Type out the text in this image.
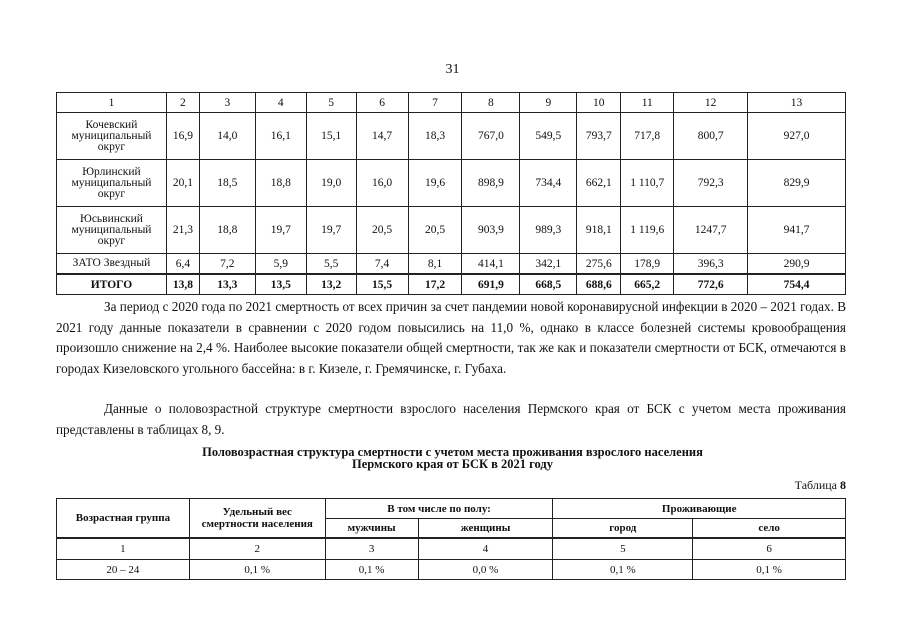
31
1	2	3	4	5	6	7	8	9	10	11	12	13
Кочевский
муниципальный
округ	16,9	14,0	16,1	15,1	14,7	18,3	767,0	549,5	793,7	717,8	800,7	927,0
Юрлинский
муниципальный
округ	20,1	18,5	18,8	19,0	16,0	19,6	898,9	734,4	662,1	1 110,7	792,3	829,9
Юсьвинский
муниципальный
округ	21,3	18,8	19,7	19,7	20,5	20,5	903,9	989,3	918,1	1 119,6	1247,7	941,7
ЗАТО Звездный	6,4	7,2	5,9	5,5	7,4	8,1	414,1	342,1	275,6	178,9	396,3	290,9
ИТОГО	13,8	13,3	13,5	13,2	15,5	17,2	691,9	668,5	688,6	665,2	772,6	754,4

За период с 2020 года по 2021 смертность от всех причин за счет пандемии новой коронавирусной инфекции в 2020 – 2021 годах. В 2021 году данные показатели в сравнении с 2020 годом повысились на 11,0 %, однако в классе болезней системы кровообращения произошло снижение на 2,4 %. Наиболее высокие показатели общей смертности, так же как и показатели смертности от БСК, отмечаются в городах Кизеловского угольного бассейна: в г. Кизеле, г. Гремячинске, г. Губаха.

Данные о половозрастной структуре смертности взрослого населения Пермского края от БСК с учетом места проживания представлены в таблицах 8, 9.

Половозрастная структура смертности с учетом места проживания взрослого населения
Пермского края от БСК в 2021 году
Таблица 8
Возрастная группа	Удельный вес
смертности населения	В том числе по полу:		Проживающие	
		мужчины	женщины	город	село
1	2	3	4	5	6
20 – 24	0,1 %	0,1 %	0,0 %	0,1 %	0,1 %
